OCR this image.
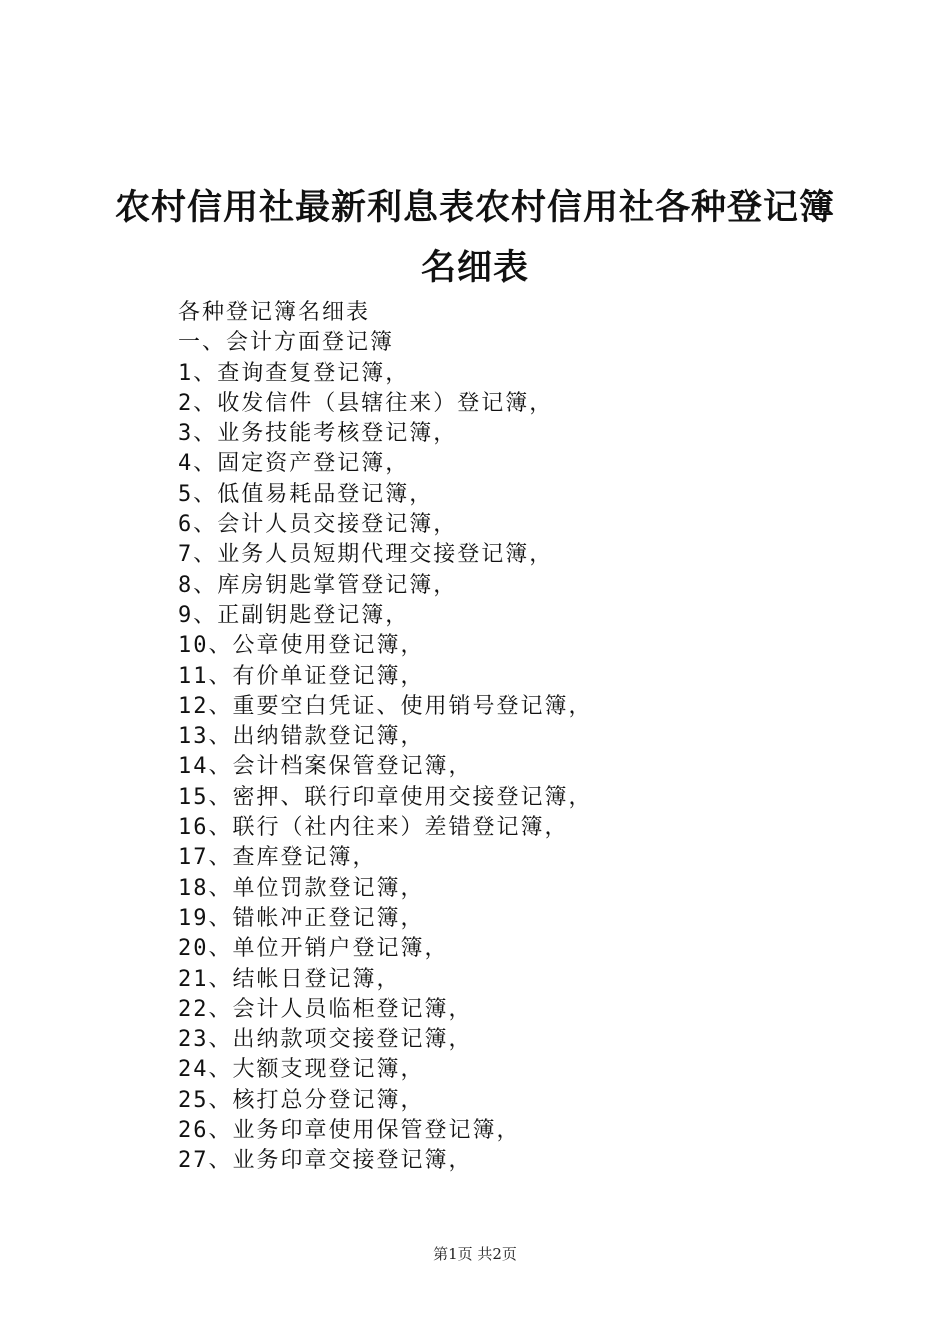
农村信用社最新利息表农村信用社各种登记簿
名细表
各种登记簿名细表
一、会计方面登记簿
1、查询查复登记簿，
2、收发信件（县辖往来）登记簿，
3、业务技能考核登记簿，
4、固定资产登记簿，
5、低值易耗品登记簿，
6、会计人员交接登记簿，
7、业务人员短期代理交接登记簿，
8、库房钥匙掌管登记簿，
9、正副钥匙登记簿，
10、公章使用登记簿，
11、有价单证登记簿，
12、重要空白凭证、使用销号登记簿，
13、出纳错款登记簿，
14、会计档案保管登记簿，
15、密押、联行印章使用交接登记簿，
16、联行（社内往来）差错登记簿，
17、查库登记簿，
18、单位罚款登记簿，
19、错帐冲正登记簿，
20、单位开销户登记簿，
21、结帐日登记簿，
22、会计人员临柜登记簿，
23、出纳款项交接登记簿，
24、大额支现登记簿，
25、核打总分登记簿，
26、业务印章使用保管登记簿，
27、业务印章交接登记簿，
第1页 共2页
